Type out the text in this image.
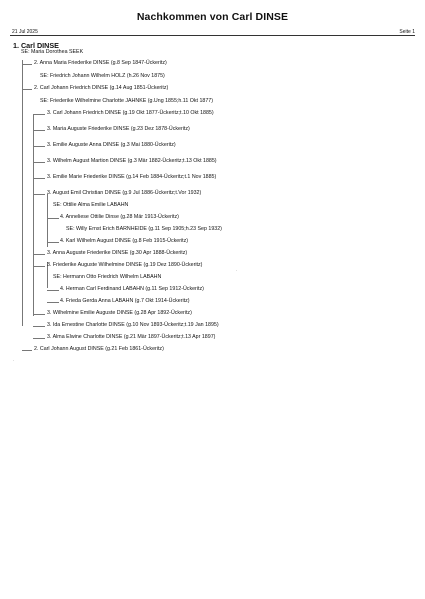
Nachkommen von Carl DINSE
21 Jul 2025	Seite 1
1. Carl DINSE
SE: Maria Dorothea SEEK
2. Anna Maria Friederike DINSE (g.8 Sep 1847-Ückeritz)
SE: Friedrich Johann Wilhelm HOLZ (h.26 Nov 1875)
2. Carl Johann Friedrich DINSE (g.14 Aug 1851-Ückeritz)
SE: Friederike Wilhelmine Charlotte JAHNKE (g.Ung 1855;h.11 Okt 1877)
3. Carl Johann Friedrich DINSE (g.19 Okt 1877-Ückeritz;t.10 Okt 1885)
3. Maria Auguste Friederike DINSE (g.23 Dez 1878-Ückeritz)
3. Emilie Auguste Anna DINSE (g.3 Mai 1880-Ückeritz)
3. Wilhelm August Martion DINSE (g.3 Mär 1882-Ückeritz;t.13 Okt 1885)
3. Emilie Marie Friederike DINSE (g.14 Feb 1884-Ückeritz;t.1 Nov 1885)
3. August Emil Christian DINSE (g.9 Jul 1886-Ückeritz;t.Vor 1932)
SE: Ottilie Alma Emilie LABAHN
4. Anneliese Ottilie Dinse (g.28 Mär 1913-Ückeritz)
SE: Willy Ernst Erich BARNHEIDE (g.11 Sep 1905;h.23 Sep 1932)
4. Karl Wilhelm August DINSE (g.8 Feb 1915-Ückeritz)
3. Anna Auguste Friederike DINSE (g.30 Apr 1888-Ückeritz)
3. Friederike Auguste Wilhelmine DINSE (g.19 Dez 1890-Ückeritz)
SE: Hermann Otto Friedrich Wilhelm LABAHN
4. Herman Carl Ferdinand LABAHN (g.11 Sep 1912-Ückeritz)
4. Frieda Gerda Anna LABAHN (g.7 Okt 1914-Ückeritz)
3. Wilhelmine Emilie Auguste DINSE (g.28 Apr 1892-Ückeritz)
3. Ida Ernestine Charlotte DINSE (g.10 Nov 1893-Ückeritz;t.19 Jan 1895)
3. Alma Elwine Charlotte DINSE (g.21 Mär 1897-Ückeritz;t.13 Apr 1897)
2. Carl Johann August DINSE (g.21 Feb 1861-Ückeritz)
·
·
